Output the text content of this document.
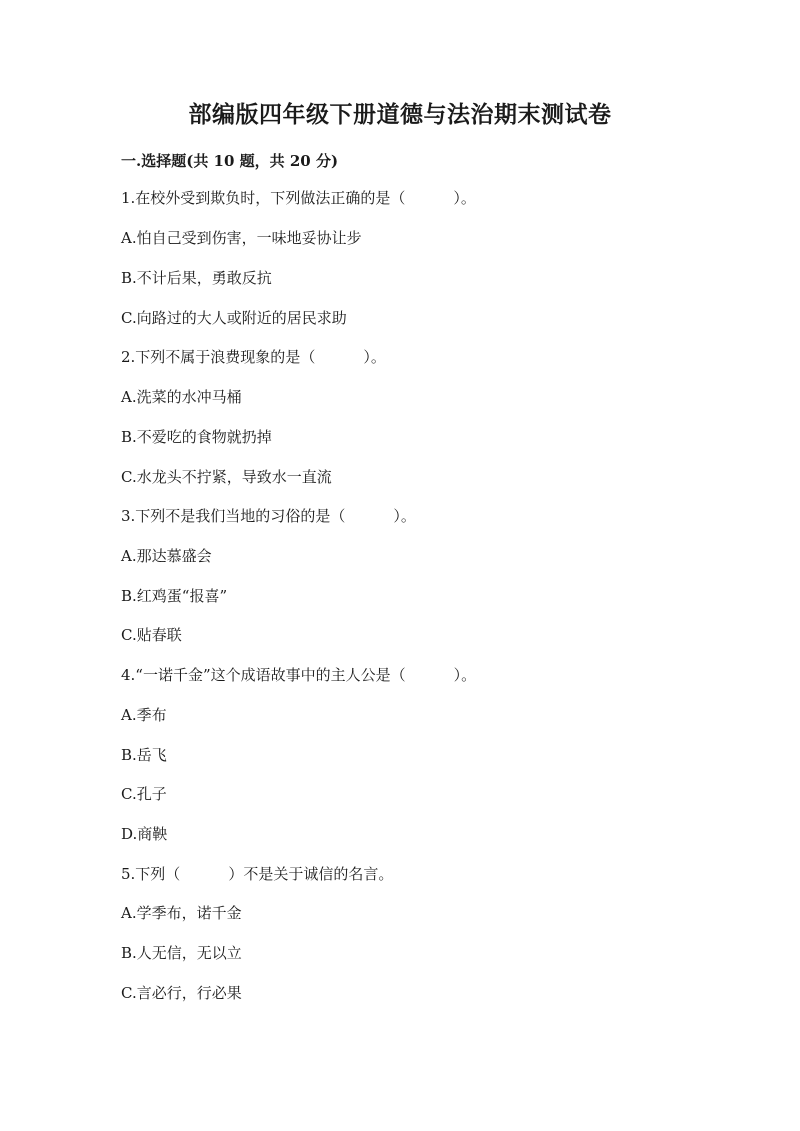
部编版四年级下册道德与法治期末测试卷
一.选择题(共 10 题，共 20 分)
1.在校外受到欺负时，下列做法正确的是（	）。
A.怕自己受到伤害，一味地妥协让步
B.不计后果，勇敢反抗
C.向路过的大人或附近的居民求助
2.下列不属于浪费现象的是（	）。
A.洗菜的水冲马桶
B.不爱吃的食物就扔掉
C.水龙头不拧紧，导致水一直流
3.下列不是我们当地的习俗的是（	）。
A.那达慕盛会
B.红鸡蛋“报喜”
C.贴春联
4.“一诺千金”这个成语故事中的主人公是（	）。
A.季布
B.岳飞
C.孔子
D.商鞅
5.下列（	）不是关于诚信的名言。
A.学季布，诺千金
B.人无信，无以立
C.言必行，行必果
